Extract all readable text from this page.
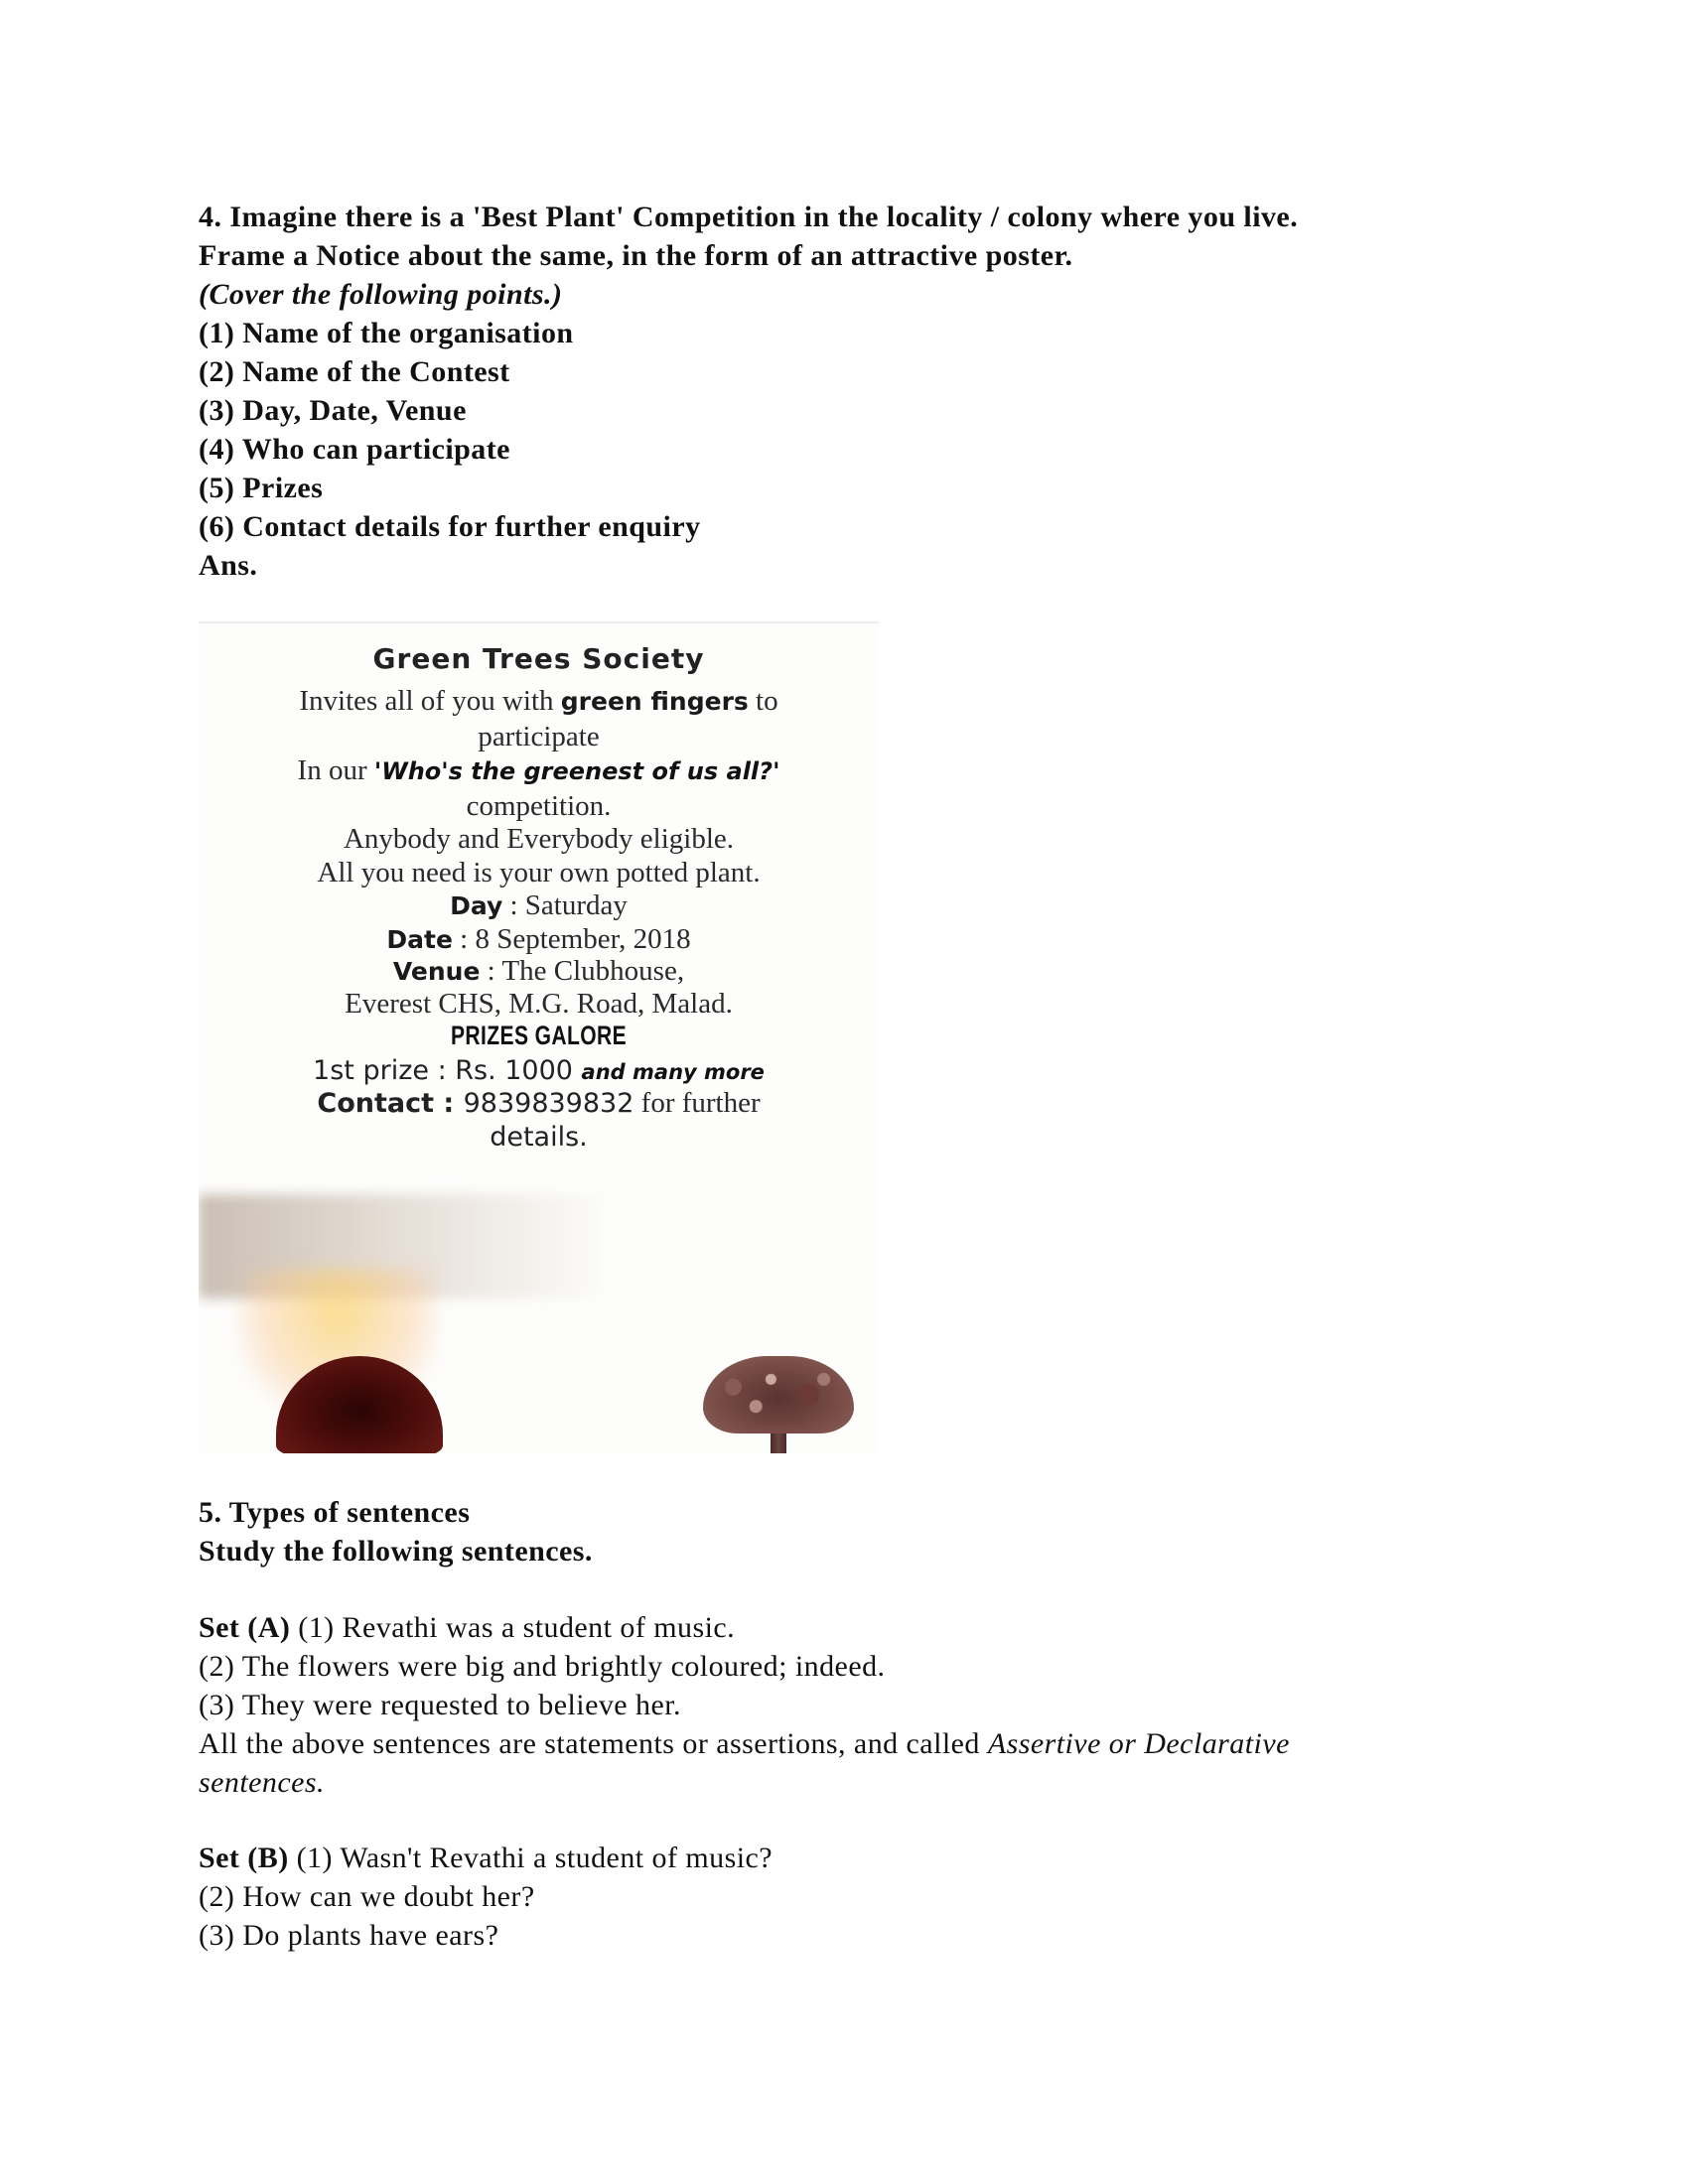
4. Imagine there is a 'Best Plant' Competition in the locality / colony where you live.
Frame a Notice about the same, in the form of an attractive poster.
(Cover the following points.)
(1) Name of the organisation
(2) Name of the Contest
(3) Day, Date, Venue
(4) Who can participate
(5) Prizes
(6) Contact details for further enquiry
Ans.
Green Trees Society
Invites all of you with green fingers to
participate
In our 'Who's the greenest of us all?'
competition.
Anybody and Everybody eligible.
All you need is your own potted plant.
Day : Saturday
Date : 8 September, 2018
Venue : The Clubhouse,
Everest CHS, M.G. Road, Malad.
PRIZES GALORE
1st prize : Rs. 1000 and many more
Contact : 9839839832 for further
details.
5. Types of sentences
Study the following sentences.
Set (A) (1) Revathi was a student of music.
(2) The flowers were big and brightly coloured; indeed.
(3) They were requested to believe her.
All the above sentences are statements or assertions, and called Assertive or Declarative
sentences.
Set (B) (1) Wasn't Revathi a student of music?
(2) How can we doubt her?
(3) Do plants have ears?
